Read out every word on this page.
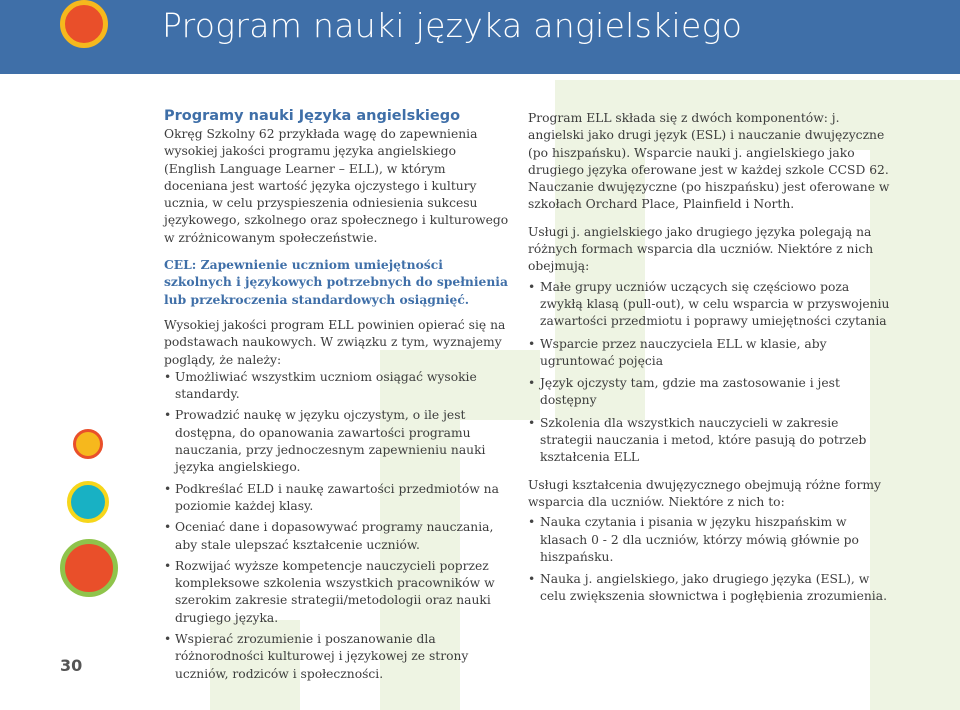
Program nauki języka angielskiego
30
Programy nauki Języka angielskiego

Okręg Szkolny 62 przykłada wagę do zapewnienia wysokiej jakości programu języka angielskiego (English Language Learner – ELL), w którym doceniana jest wartość języka ojczystego i kultury ucznia, w celu przyspieszenia odniesienia sukcesu językowego, szkolnego oraz społecznego i kulturowego w zróżnicowanym społeczeństwie.

CEL: Zapewnienie uczniom umiejętności szkolnych i językowych potrzebnych do spełnienia lub przekroczenia standardowych osiągnięć.

Wysokiej jakości program ELL powinien opierać się na podstawach naukowych. W związku z tym, wyznajemy poglądy, że należy:

• Umożliwiać wszystkim uczniom osiągać wysokie standardy.
• Prowadzić naukę w języku ojczystym, o ile jest dostępna, do opanowania zawartości programu nauczania, przy jednoczesnym zapewnieniu nauki języka angielskiego.
• Podkreślać ELD i naukę zawartości przedmiotów na poziomie każdej klasy.
• Oceniać dane i dopasowywać programy nauczania, aby stale ulepszać kształcenie uczniów.
• Rozwijać wyższe kompetencje nauczycieli poprzez kompleksowe szkolenia wszystkich pracowników w szerokim zakresie strategii/metodologii oraz nauki drugiego języka.
• Wspierać zrozumienie i poszanowanie dla różnorodności kulturowej i językowej ze strony uczniów, rodziców i społeczności.

Program ELL składa się z dwóch komponentów: j. angielski jako drugi język (ESL) i nauczanie dwujęzyczne (po hiszpańsku). Wsparcie nauki j. angielskiego jako drugiego języka oferowane jest w każdej szkole CCSD 62. Nauczanie dwujęzyczne (po hiszpańsku) jest oferowane w szkołach Orchard Place, Plainfield i North.

Usługi j. angielskiego jako drugiego języka polegają na różnych formach wsparcia dla uczniów. Niektóre z nich obejmują:

• Małe grupy uczniów uczących się częściowo poza zwykłą klasą (pull-out), w celu wsparcia w przyswojeniu zawartości przedmiotu i poprawy umiejętności czytania
• Wsparcie przez nauczyciela ELL w klasie, aby ugruntować pojęcia
• Język ojczysty tam, gdzie ma zastosowanie i jest dostępny
• Szkolenia dla wszystkich nauczycieli w zakresie strategii nauczania i metod, które pasują do potrzeb kształcenia ELL

Usługi kształcenia dwujęzycznego obejmują różne formy wsparcia dla uczniów. Niektóre z nich to:

• Nauka czytania i pisania w języku hiszpańskim w klasach 0 - 2 dla uczniów, którzy mówią głównie po hiszpańsku.
• Nauka j. angielskiego, jako drugiego języka (ESL), w celu zwiększenia słownictwa i pogłębienia zrozumienia.
